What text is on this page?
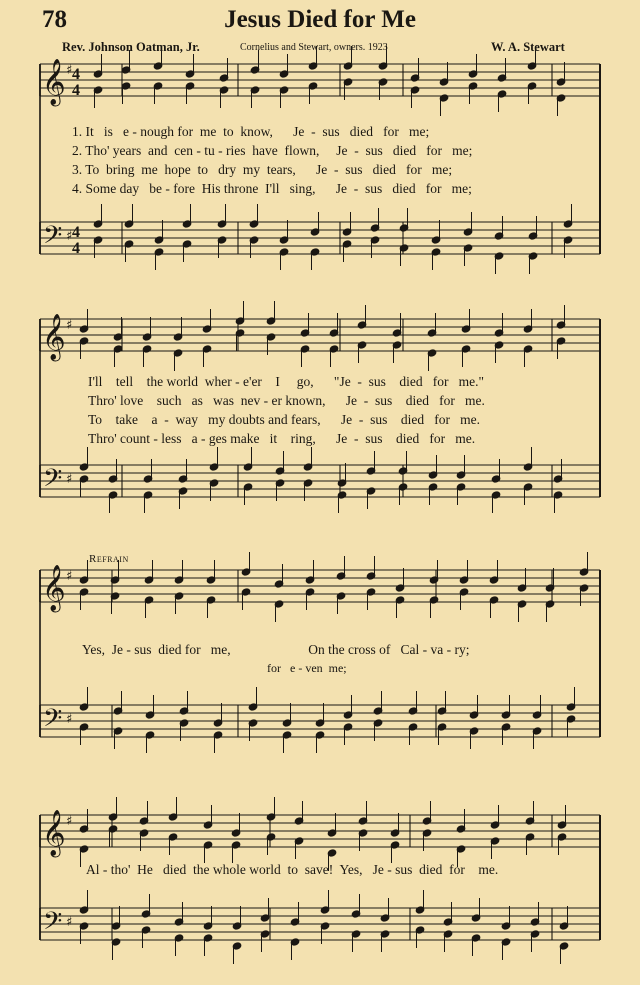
78	Jesus Died for Me
Rev. Johnson Oatman, Jr.	Cornelius and Stewart, owners. 1923	W. A. Stewart
𝄞 ♯ 4
4
𝄢 ♯ 4
4
𝄞 ♯
𝄢 ♯
𝄞 ♯
𝄢 ♯
𝄞 ♯
𝄢 ♯
1. It   is   e - nough for  me  to  know,      Je  -  sus   died   for   me;
2. Tho' years  and  cen - tu - ries  have  flown,     Je  -  sus   died   for   me;
3. To  bring  me  hope  to   dry  my  tears,      Je  -  sus   died   for   me;
4. Some day   be - fore  His throne  I'll   sing,      Je  -  sus   died   for   me;
I'll    tell    the world  wher - e'er    I     go,      "Je  -  sus    died   for   me."
Thro' love    such   as   was  nev - er known,      Je  -  sus    died   for   me.
To    take    a  -  way   my doubts and fears,      Je  -  sus    died   for   me.
Thro' count - less   a - ges make   it    ring,      Je  -  sus    died   for   me.
Refrain
Yes,  Je - sus  died for   me,                       On the cross of   Cal - va - ry;
for   e - ven  me;
Al - tho'  He   died  the whole world  to  save!  Yes,   Je - sus  died  for    me.
